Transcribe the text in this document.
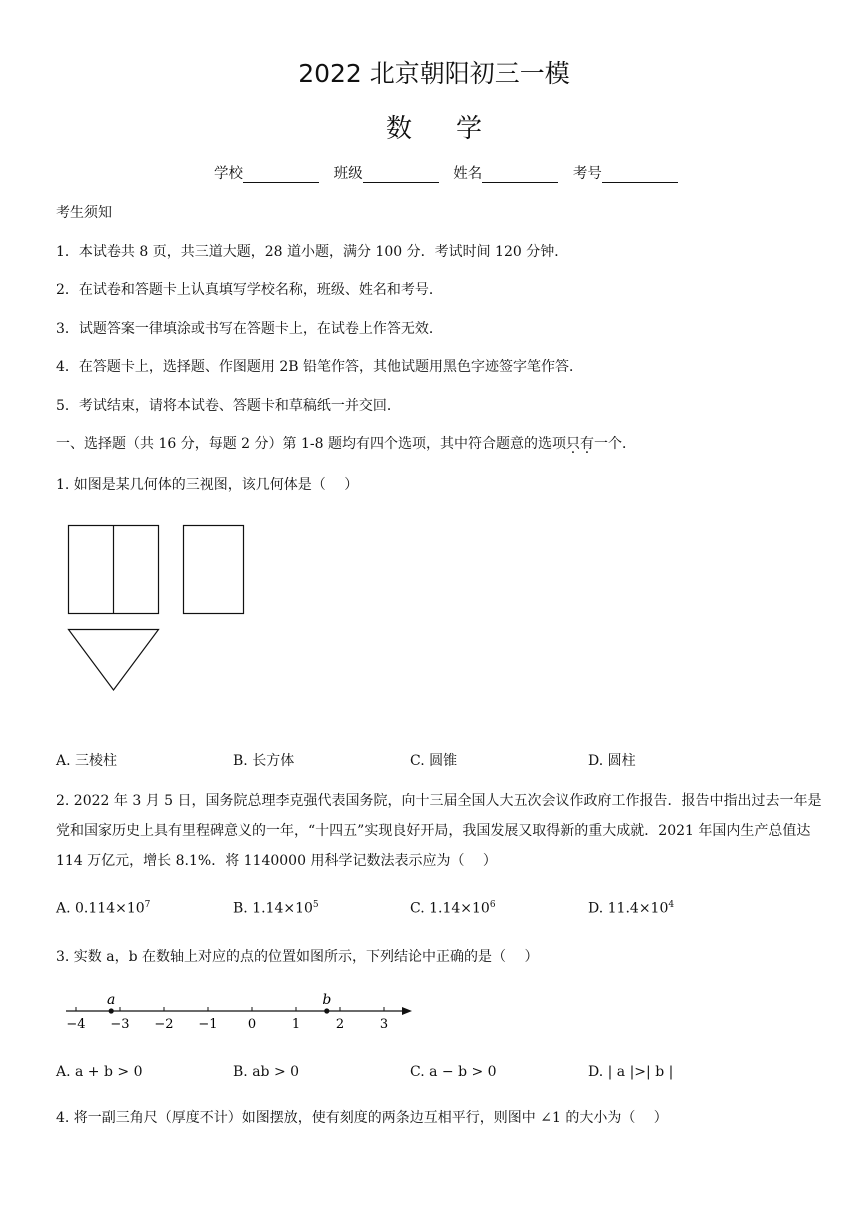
2022 北京朝阳初三一模
数学
学校	班级	姓名	考号
考生须知
1．本试卷共 8 页，共三道大题，28 道小题，满分 100 分．考试时间 120 分钟．
2．在试卷和答题卡上认真填写学校名称，班级、姓名和考号．
3．试题答案一律填涂或书写在答题卡上，在试卷上作答无效．
4．在答题卡上，选择题、作图题用 2B 铅笔作答，其他试题用黑色字迹签字笔作答．
5．考试结束，请将本试卷、答题卡和草稿纸一并交回．
一、选择题（共 16 分，每题 2 分）第 1-8 题均有四个选项，其中符合题意的选项只有一个．
1. 如图是某几何体的三视图，该几何体是（　 ）
A. 三棱柱	B. 长方体	C. 圆锥	D. 圆柱
2. 2022 年 3 月 5 日，国务院总理李克强代表国务院，向十三届全国人大五次会议作政府工作报告．报告中指出过去一年是党和国家历史上具有里程碑意义的一年，“十四五”实现良好开局，我国发展又取得新的重大成就．2021 年国内生产总值达 114 万亿元，增长 8.1%．将 1140000 用科学记数法表示应为（　 ）
A. $0.114\times 10^7$	B. $1.14\times 10^5$	C. $1.14\times 10^6$	D. $11.4\times 10^4$
3. 实数 a，b 在数轴上对应的点的位置如图所示，下列结论中正确的是（　 ）
−4 −3 −2 −1 0	1	2	3
a	b
A. a + b > 0	B. ab > 0	C. a − b > 0	D. | a |>| b |
4. 将一副三角尺（厚度不计）如图摆放，使有刻度的两条边互相平行，则图中 ∠1 的大小为（　 ）
